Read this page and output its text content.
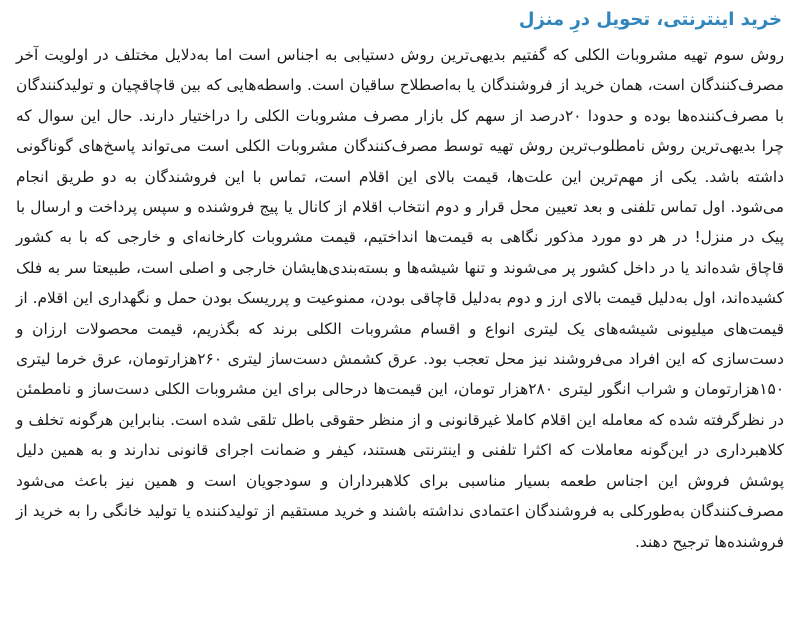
خرید اینترنتی، تحویل درِ منزل

روش سوم تهیه مشروبات الکلی که گفتیم بدیهی‌ترین روش دستیابی به اجناس است اما به‌دلایل مختلف در اولویت آخر مصرف‌کنندگان است، همان خرید از فروشندگان یا به‌اصطلاح ساقیان است. واسطه‌هایی که بین قاچاقچیان و تولیدکنندگان با مصرف‌کننده‌ها بوده و حدودا ۲۰درصد از سهم کل بازار مصرف مشروبات الکلی را دراختیار دارند. حال این سوال که چرا بدیهی‌ترین روش نامطلوب‌ترین روش تهیه توسط مصرف‌کنندگان مشروبات الکلی است می‌تواند پاسخ‌های گوناگونی داشته باشد. یکی از مهم‌ترین این علت‌ها، قیمت بالای این اقلام است، تماس با این فروشندگان به دو طریق انجام می‌شود. اول تماس تلفنی و بعد تعیین محل قرار و دوم انتخاب اقلام از کانال یا پیج فروشنده و سپس پرداخت و ارسال با پیک در منزل! در هر دو مورد مذکور نگاهی به قیمت‌ها انداختیم، قیمت مشروبات کارخانه‌ای و خارجی که با به کشور قاچاق شده‌اند یا در داخل کشور پر می‌شوند و تنها شیشه‌ها و بسته‌بندی‌هایشان خارجی و اصلی است، طبیعتا سر به فلک کشیده‌اند، اول به‌دلیل قیمت بالای ارز و دوم به‌دلیل قاچاقی بودن، ممنوعیت و پرریسک بودن حمل و نگهداری این اقلام. از قیمت‌های میلیونی شیشه‌های یک لیتری انواع و اقسام مشروبات الکلی برند که بگذریم، قیمت محصولات ارزان و دست‌سازی که این افراد می‌فروشند نیز محل تعجب بود. عرق کشمش دست‌ساز لیتری ۲۶۰هزارتومان، عرق خرما لیتری ۱۵۰هزارتومان و شراب انگور لیتری ۲۸۰هزار تومان، این قیمت‌ها درحالی برای این مشروبات الکلی دست‌ساز و نامطمئن در نظرگرفته شده که معامله این اقلام کاملا غیرقانونی و از منظر حقوقی باطل تلقی شده است. بنابراین هرگونه تخلف و کلاهبرداری در این‌گونه معاملات که اکثرا تلفنی و اینترنتی هستند، کیفر و ضمانت اجرای قانونی ندارند و به همین دلیل پوشش فروش این اجناس طعمه بسیار مناسبی برای کلاهبرداران و سودجویان است و همین نیز باعث می‌شود مصرف‌کنندگان به‌طورکلی به فروشندگان اعتمادی نداشته باشند و خرید مستقیم از تولیدکننده یا تولید خانگی را به خرید از فروشنده‌ها ترجیح دهند.
